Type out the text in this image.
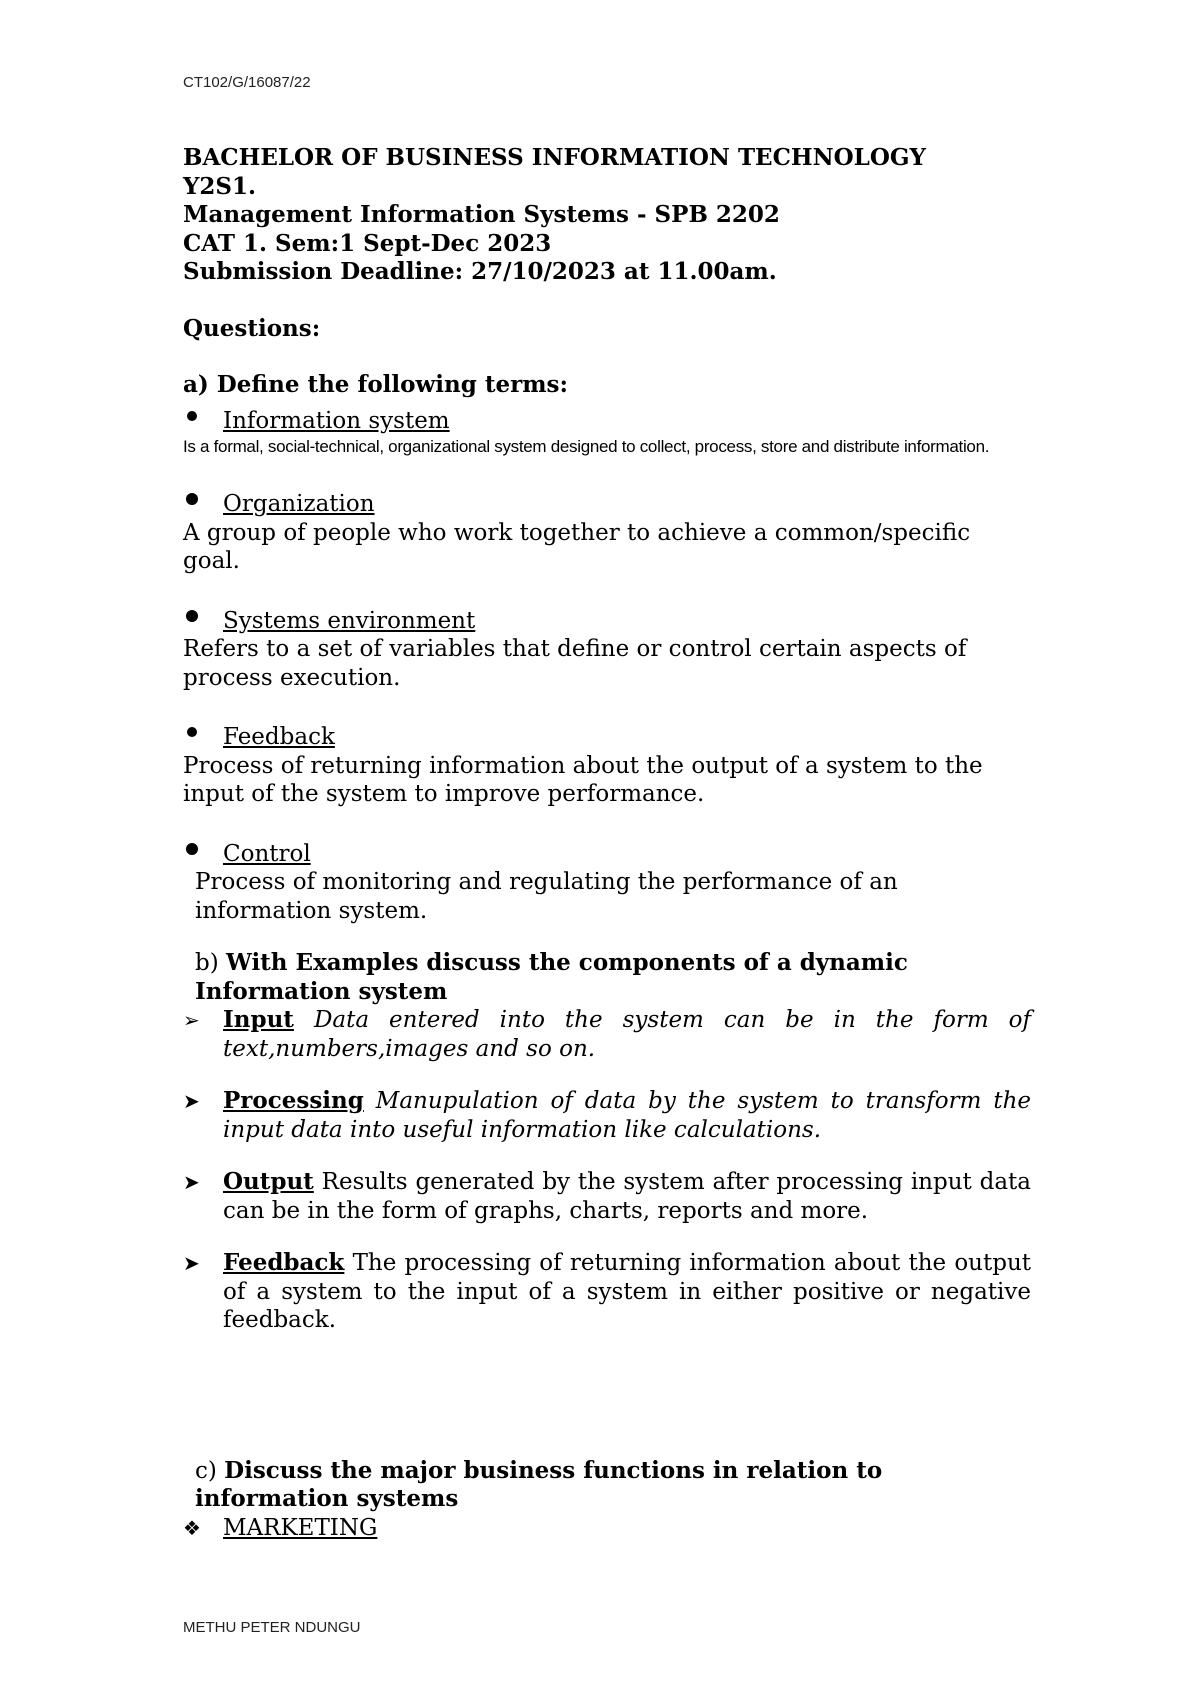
CT102/G/16087/22
BACHELOR OF BUSINESS INFORMATION TECHNOLOGY
Y2S1.
Management Information Systems - SPB 2202
CAT 1. Sem:1 Sept-Dec 2023
Submission Deadline: 27/10/2023 at 11.00am.
Questions:
a) Define the following terms:
Information system
Is a formal, social-technical, organizational system designed to collect, process, store and distribute information.
Organization
A group of people who work together to achieve a common/specific goal.
Systems environment
Refers to a set of variables that define or control certain aspects of process execution.
Feedback
Process of returning information about the output of a system to the input of the system to improve performance.
Control
Process of monitoring and regulating the performance of an information system.
b) With Examples discuss the components of a dynamic Information system
➢	Input Data entered into the system can be in the form of text,numbers,images and so on.
➤	Processing Manupulation of data by the system to transform the input data into useful information like calculations.
➤	Output Results generated by the system after processing input data can be in the form of graphs, charts, reports and more.
➤	Feedback The processing of returning information about the output of a system to the input of a system in either positive or negative feedback.
c) Discuss the major business functions in relation to information systems
❖ MARKETING
METHU PETER NDUNGU
